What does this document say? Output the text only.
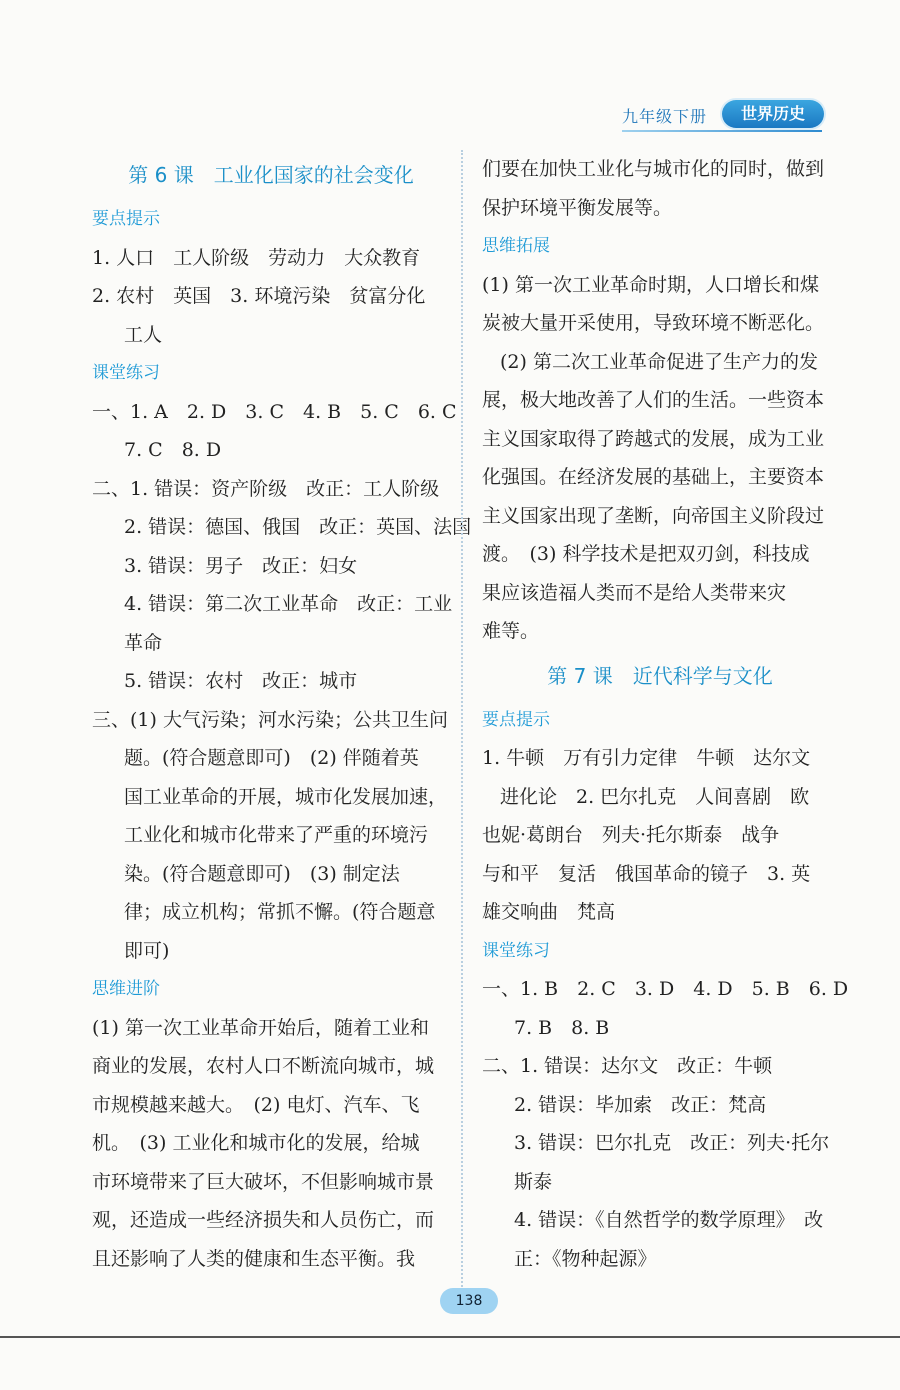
九年级下册	世界历史
第 6 课　工业化国家的社会变化
要点提示
1. 人口　工人阶级　劳动力　大众教育
2. 农村　英国　3. 环境污染　贫富分化
工人
课堂练习
一、1. A　2. D　3. C　4. B　5. C　6. C
7. C　8. D
二、1. 错误：资产阶级　改正：工人阶级
2. 错误：德国、俄国　改正：英国、法国
3. 错误：男子　改正：妇女
4. 错误：第二次工业革命　改正：工业
革命
5. 错误：农村　改正：城市
三、(1) 大气污染；河水污染；公共卫生问
题。(符合题意即可)　(2) 伴随着英
国工业革命的开展，城市化发展加速，
工业化和城市化带来了严重的环境污
染。(符合题意即可)　(3) 制定法
律；成立机构；常抓不懈。(符合题意
即可)
思维进阶
(1) 第一次工业革命开始后，随着工业和
商业的发展，农村人口不断流向城市，城
市规模越来越大。　(2) 电灯、汽车、飞
机。　(3) 工业化和城市化的发展，给城
市环境带来了巨大破坏，不但影响城市景
观，还造成一些经济损失和人员伤亡，而
且还影响了人类的健康和生态平衡。我
们要在加快工业化与城市化的同时，做到
保护环境平衡发展等。
思维拓展
(1) 第一次工业革命时期，人口增长和煤
炭被大量开采使用，导致环境不断恶化。
(2) 第二次工业革命促进了生产力的发
展，极大地改善了人们的生活。一些资本
主义国家取得了跨越式的发展，成为工业
化强国。在经济发展的基础上，主要资本
主义国家出现了垄断，向帝国主义阶段过
渡。　(3) 科学技术是把双刃剑，科技成
果应该造福人类而不是给人类带来灾
难等。
第 7 课　近代科学与文化
要点提示
1. 牛顿　万有引力定律　牛顿　达尔文
进化论　2. 巴尔扎克　人间喜剧　欧
也妮·葛朗台　列夫·托尔斯泰　战争
与和平　复活　俄国革命的镜子　3. 英
雄交响曲　梵高
课堂练习
一、1. B　2. C　3. D　4. D　5. B　6. D
7. B　8. B
二、1. 错误：达尔文　改正：牛顿
2. 错误：毕加索　改正：梵高
3. 错误：巴尔扎克　改正：列夫·托尔
斯泰
4. 错误：《自然哲学的数学原理》　改
正：《物种起源》
138
